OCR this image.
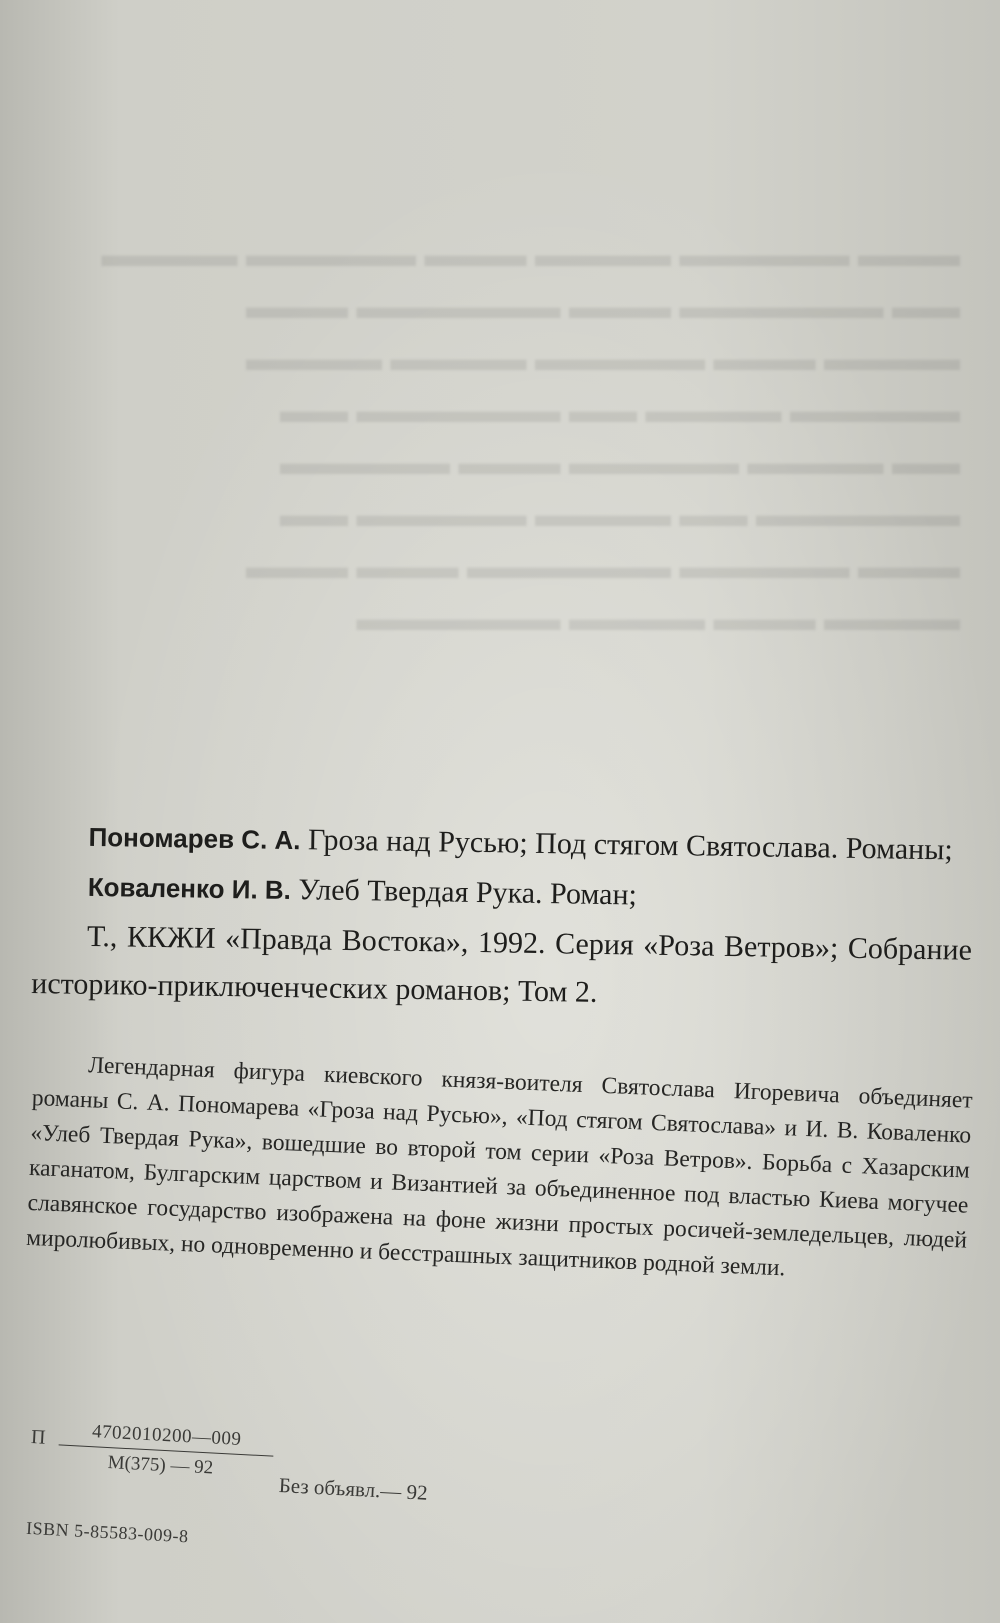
▬▬▬ ▬▬▬▬▬ ▬▬▬▬ ▬▬▬ ▬▬▬▬▬ ▬▬▬▬
▬▬ ▬▬▬▬▬▬ ▬▬▬ ▬▬▬▬▬▬ ▬▬▬
▬▬▬▬ ▬▬▬ ▬▬▬▬▬ ▬▬▬▬ ▬▬▬▬
▬▬▬▬▬ ▬▬▬▬ ▬▬ ▬▬▬▬▬▬ ▬▬
▬▬ ▬▬▬▬ ▬▬▬▬▬ ▬▬▬ ▬▬▬▬▬
▬▬▬▬▬▬ ▬▬ ▬▬▬▬ ▬▬▬▬▬ ▬▬
▬▬▬ ▬▬▬▬▬ ▬▬▬▬▬▬ ▬▬▬ ▬▬▬
▬▬▬▬ ▬▬▬ ▬▬▬▬ ▬▬▬▬▬▬

Пономарев С. А. Гроза над Русью; Под стягом Святослава. Романы;

Коваленко И. В. Улеб Твердая Рука. Роман;

Т., ККЖИ «Правда Востока», 1992. Серия «Роза Ветров»; Собрание историко-приключенческих романов; Том 2.

Легендарная фигура киевского князя-воителя Святослава Игоревича объединяет романы С. А. Пономарева «Гроза над Русью», «Под стягом Святослава» и И. В. Коваленко «Улеб Твердая Рука», вошедшие во второй том серии «Роза Ветров». Борьба с Хазарским каганатом, Булгарским царством и Византией за объединенное под властью Киева могучее славянское государство изображена на фоне жизни простых росичей-земледельцев, людей миролюбивых, но одновременно и бесстрашных защитников родной земли.

П	4702010200—009
М(375) — 92
Без объявл.— 92
ISBN 5-85583-009-8
